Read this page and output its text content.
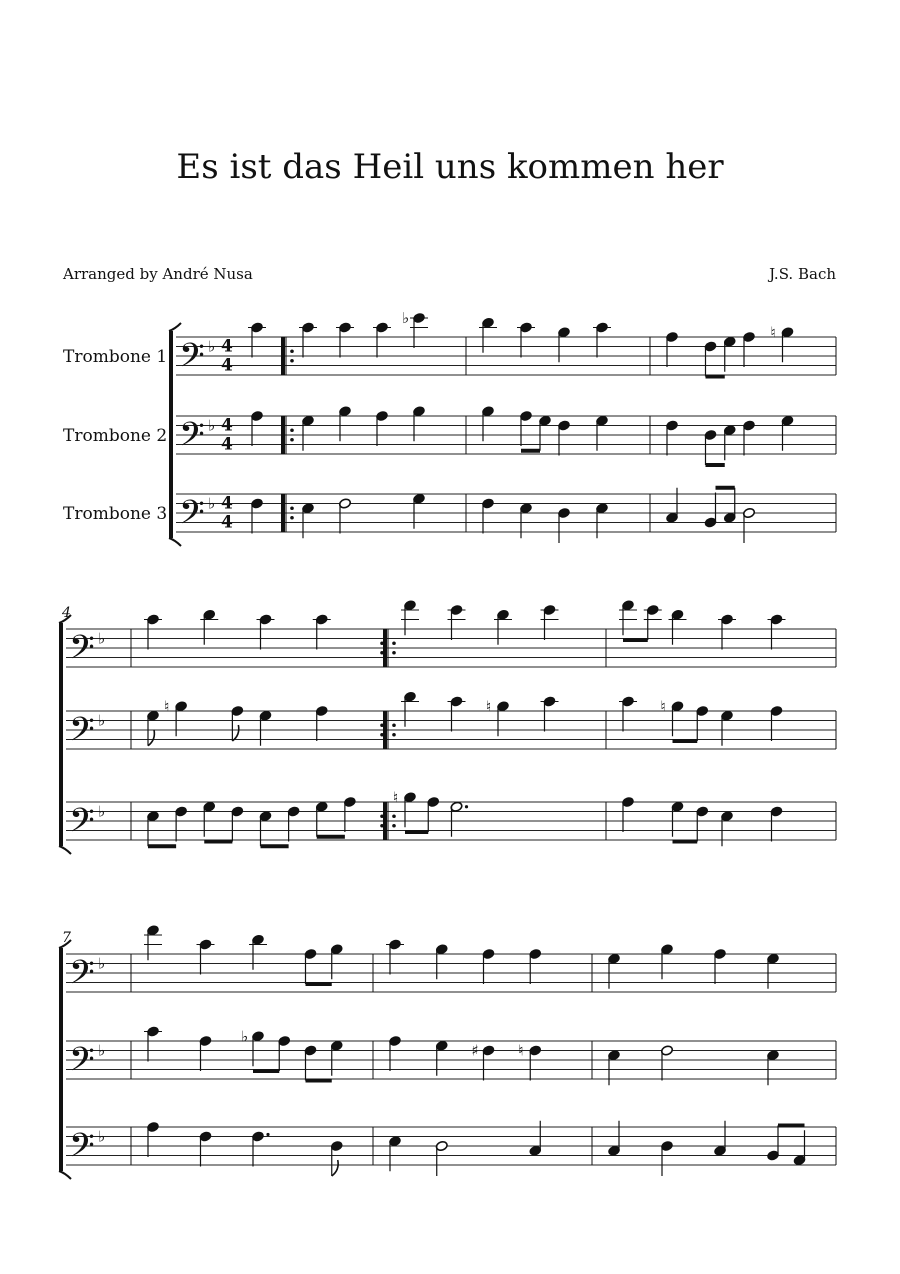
Es ist das Heil uns kommen her
Arranged by André Nusa	J.S. Bach
𝄢 ♭
Trombone 1
4
4
𝄢 ♭
Trombone 2
4
4
𝄢 ♭
Trombone 3
4
4
♭
♮
4
𝄢 ♭
𝄢 ♭
𝄢 ♭
♮	♮
♮
♮
7
𝄢 ♭
𝄢 ♭
𝄢 ♭
♭
♯	♮
